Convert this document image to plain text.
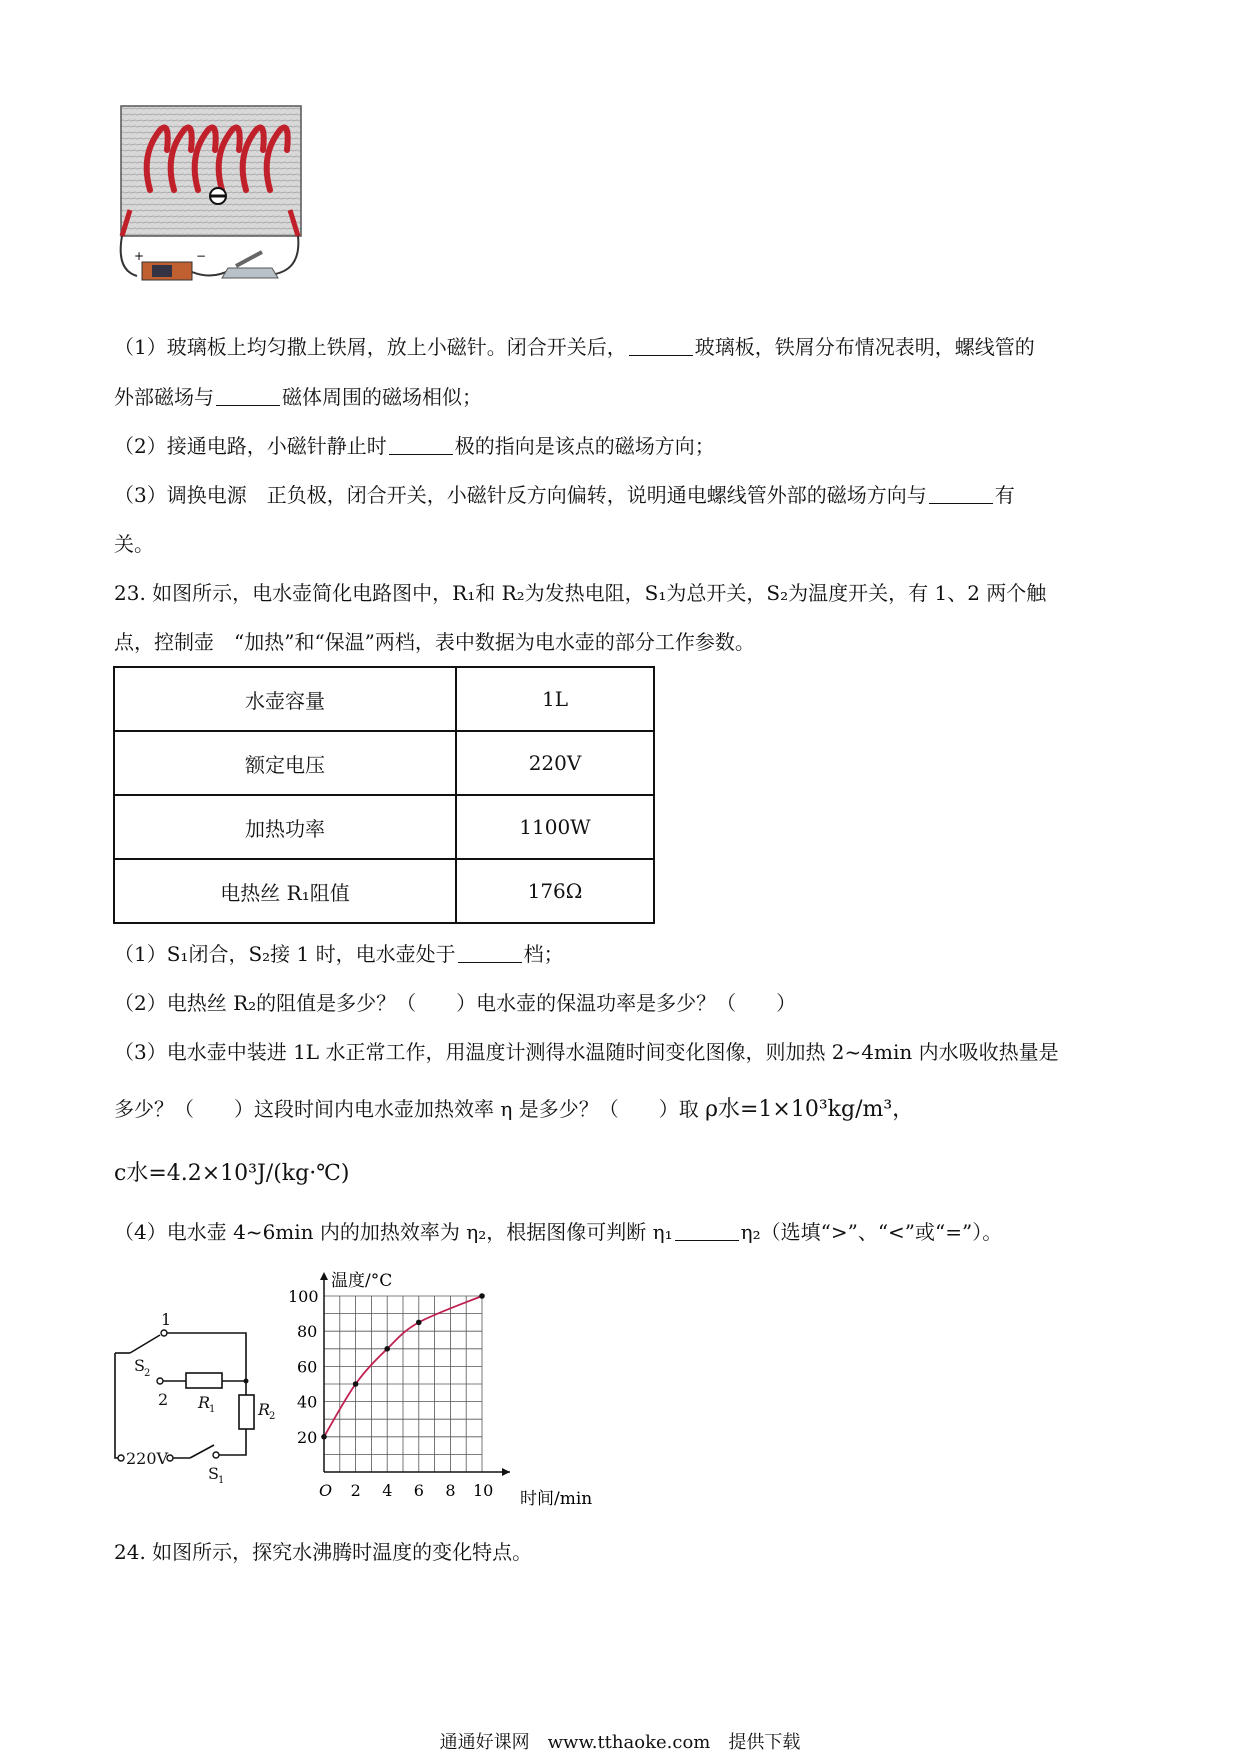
+	−
（1）玻璃板上均匀撒上铁屑，放上小磁针。闭合开关后，	玻璃板，铁屑分布情况表明，螺线管的
外部磁场与	磁体周围的磁场相似；
（2）接通电路，小磁针静止时	极的指向是该点的磁场方向；
（3）调换电源　正负极，闭合开关，小磁针反方向偏转，说明通电螺线管外部的磁场方向与	有
关。
23. 如图所示，电水壶简化电路图中，R₁和 R₂为发热电阻，S₁为总开关，S₂为温度开关，有 1、2 两个触
点，控制壶　“加热”和“保温”两档，表中数据为电水壶的部分工作参数。
水壶容量	1L
额定电压	220V
加热功率	1100W
电热丝 R₁阻值	176Ω
（1）S₁闭合，S₂接 1 时，电水壶处于	档；
（2）电热丝 R₂的阻值是多少？（　　）电水壶的保温功率是多少？（　　）
（3）电水壶中装进 1L 水正常工作，用温度计测得水温随时间变化图像，则加热 2~4min 内水吸收热量是
多少？（　　）这段时间内电水壶加热效率 η 是多少？（　　）取 ρ水=1×10³kg/m³，
c水=4.2×10³J/(kg·℃)
（4）电水壶 4~6min 内的加热效率为 η₂，根据图像可判断 η₁	η₂（选填“>”、“<”或“=”）。
1
2
S 2
R
1	R
2
220V
S 1
O 2 4 6 8 10
20
40
60
80
100
温度/°C
时间/min
24. 如图所示，探究水沸腾时温度的变化特点。
通通好课网　www.tthaoke.com　提供下载
